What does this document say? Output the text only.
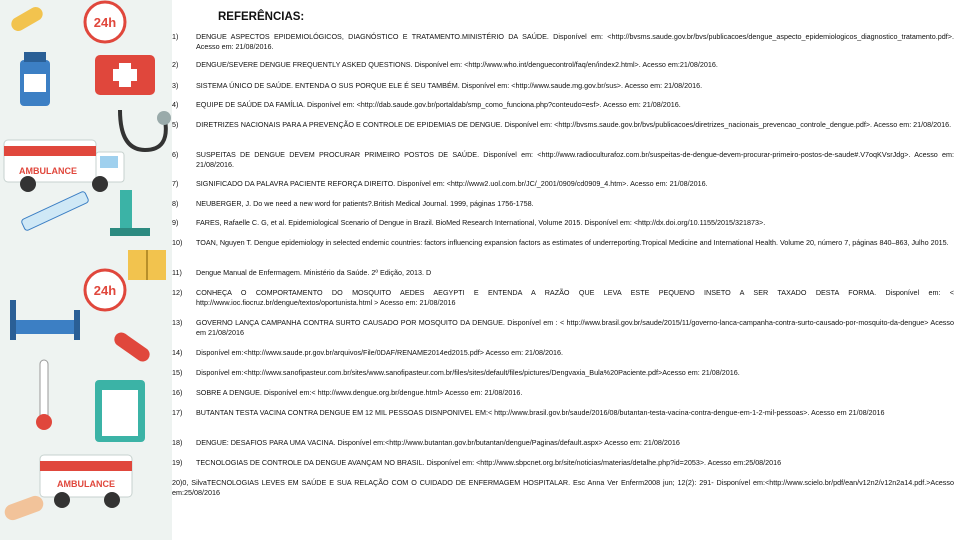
24h
AMBULANCE
24h
AMBULANCE
REFERÊNCIAS:
1)	DENGUE ASPECTOS EPIDEMIOLÓGICOS, DIAGNÓSTICO E TRATAMENTO.MINISTÉRIO DA SAÚDE. Disponível em: <http://bvsms.saude.gov.br/bvs/publicacoes/dengue_aspecto_epidemiologicos_diagnostico_tratamento.pdf>. Acesso em: 21/08/2016.
2)	DENGUE/SEVERE DENGUE FREQUENTLY ASKED QUESTIONS. Disponível em: <http://www.who.int/denguecontrol/faq/en/index2.html>. Acesso em:21/08/2016.
3)	SISTEMA ÚNICO DE SAÚDE. ENTENDA O SUS PORQUE ELE É SEU TAMBÉM. Disponível em: <http://www.saude.mg.gov.br/sus>. Acesso em: 21/08/2016.
4)	EQUIPE DE SAÚDE DA FAMÍLIA. Disponível em: <http://dab.saude.gov.br/portaldab/smp_como_funciona.php?conteudo=esf>. Acesso em: 21/08/2016.
5)	DIRETRIZES NACIONAIS PARA A PREVENÇÃO E CONTROLE DE EPIDEMIAS DE DENGUE. Disponível em: <http://bvsms.saude.gov.br/bvs/publicacoes/diretrizes_nacionais_prevencao_controle_dengue.pdf>. Acesso em: 21/08/2016.
6)	SUSPEITAS DE DENGUE DEVEM PROCURAR PRIMEIRO POSTOS DE SAÚDE. Disponível em: <http://www.radioculturafoz.com.br/suspeitas-de-dengue-devem-procurar-primeiro-postos-de-saude#.V7oqKVsrJdg>. Acesso em: 21/08/2016.
7)	SIGNIFICADO DA PALAVRA PACIENTE REFORÇA DIREITO. Disponível em: <http://www2.uol.com.br/JC/_2001/0909/cd0909_4.htm>. Acesso em: 21/08/2016.
8)	NEUBERGER, J. Do we need a new word for patients?.British Medical Journal. 1999, páginas 1756-1758.
9)	FARES, Rafaelle C. G, et al. Epidemiological Scenario of Dengue in Brazil. BioMed Research International, Volume 2015. Disponível em: <http://dx.doi.org/10.1155/2015/321873>.
10)	TOAN, Nguyen T. Dengue epidemiology in selected endemic countries: factors influencing expansion factors as estimates of underreporting.Tropical Medicine and International Health. Volume 20, número 7, páginas 840–863, Julho 2015.
11)	Dengue Manual de Enfermagem. Ministério da Saúde. 2º Edição, 2013. D
12)	CONHEÇA O COMPORTAMENTO DO MOSQUITO AEDES AEGYPTI E ENTENDA A RAZÃO QUE LEVA ESTE PEQUENO INSETO A SER TAXADO DESTA FORMA. Disponível em: < http://www.ioc.fiocruz.br/dengue/textos/oportunista.html > Acesso em: 21/08/2016
13)	GOVERNO LANÇA CAMPANHA CONTRA SURTO CAUSADO POR MOSQUITO DA DENGUE. Disponível em : < http://www.brasil.gov.br/saude/2015/11/governo-lanca-campanha-contra-surto-causado-por-mosquito-da-dengue> Acesso em 21/08/2016
14)	Disponível em:<http://www.saude.pr.gov.br/arquivos/File/0DAF/RENAME2014ed2015.pdf> Acesso em: 21/08/2016.
15)	Disponível em:<http://www.sanofipasteur.com.br/sites/www.sanofipasteur.com.br/files/sites/default/files/pictures/Dengvaxia_Bula%20Paciente.pdf>Acesso em: 21/08/2016.
16)	SOBRE A DENGUE. Disponível em:< http://www.dengue.org.br/dengue.html> Acesso em: 21/08/2016.
17)	BUTANTAN TESTA VACINA CONTRA DENGUE EM 12 MIL PESSOAS DISNPONIVEL EM:< http://www.brasil.gov.br/saude/2016/08/butantan-testa-vacina-contra-dengue-em-1-2-mil-pessoas>. Acesso em 21/08/2016
18)	DENGUE: DESAFIOS PARA UMA VACINA. Disponível em:<http://www.butantan.gov.br/butantan/dengue/Paginas/default.aspx> Acesso em: 21/08/2016
19)	TECNOLOGIAS DE CONTROLE DA DENGUE AVANÇAM NO BRASIL. Disponível em: <http://www.sbpcnet.org.br/site/noticias/materias/detalhe.php?id=2053>. Acesso em:25/08/2016
20)0, SilvaTECNOLOGIAS LEVES EM SAÚDE E SUA RELAÇÃO COM O CUIDADO DE ENFERMAGEM HOSPITALAR. Esc Anna Ver Enferm2008 jun; 12(2): 291- Disponível em:<http://www.scielo.br/pdf/ean/v12n2/v12n2a14.pdf.>Acesso em:25/08/2016
